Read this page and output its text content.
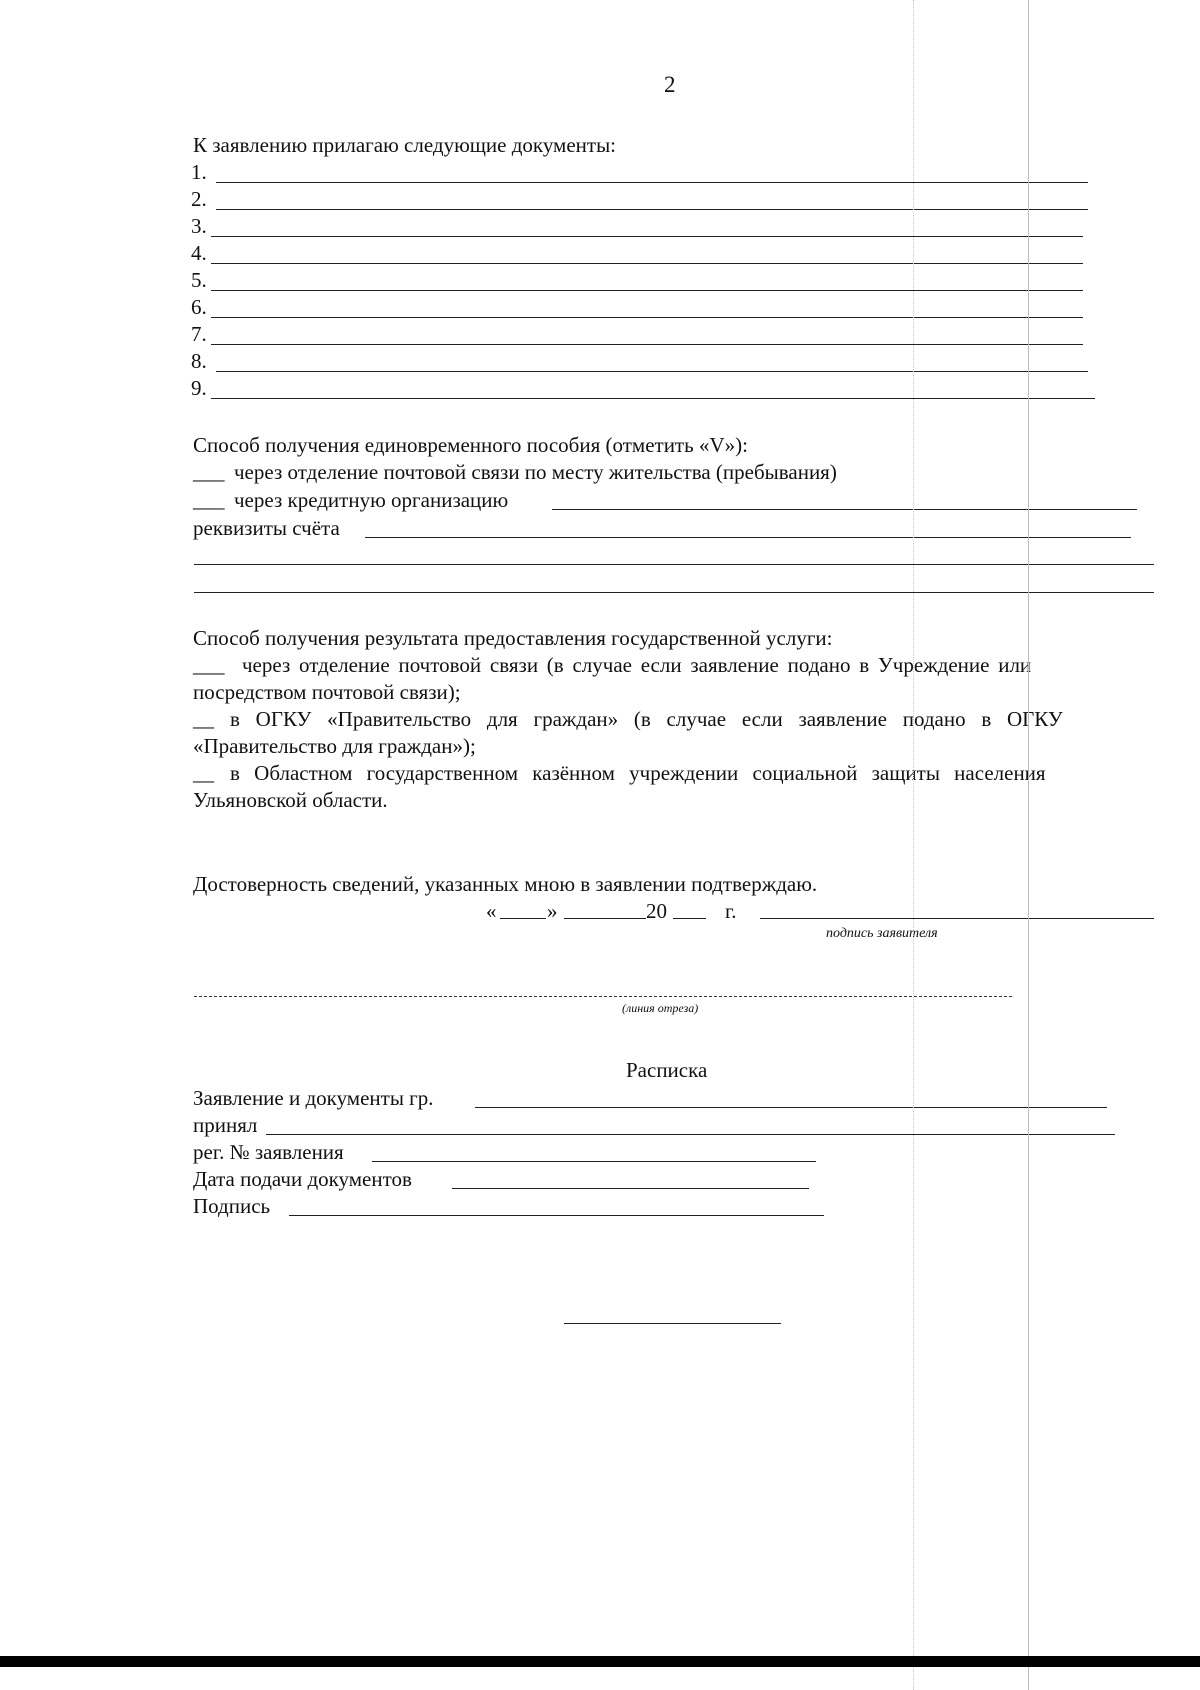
2
К заявлению прилагаю следующие документы:
1.
2.
3.
4.
5.
6.
7.
8.
9.
Способ получения единовременного пособия (отметить «V»):
___ через отделение почтовой связи по месту жительства (пребывания)
___ через кредитную организацию
реквизиты счёта
Способ получения результата предоставления государственной услуги:
___ через отделение почтовой связи (в случае если заявление подано в Учреждение или
посредством почтовой связи);
__ в ОГКУ «Правительство для граждан» (в случае если заявление подано в ОГКУ
«Правительство для граждан»);
__ в Областном государственном казённом учреждении социальной защиты населения
Ульяновской области.
Достоверность сведений, указанных мною в заявлении подтверждаю.
« »	20	г.
подпись заявителя
(линия отреза)
Расписка
Заявление и документы гр.
принял
рег. № заявления
Дата подачи документов
Подпись
